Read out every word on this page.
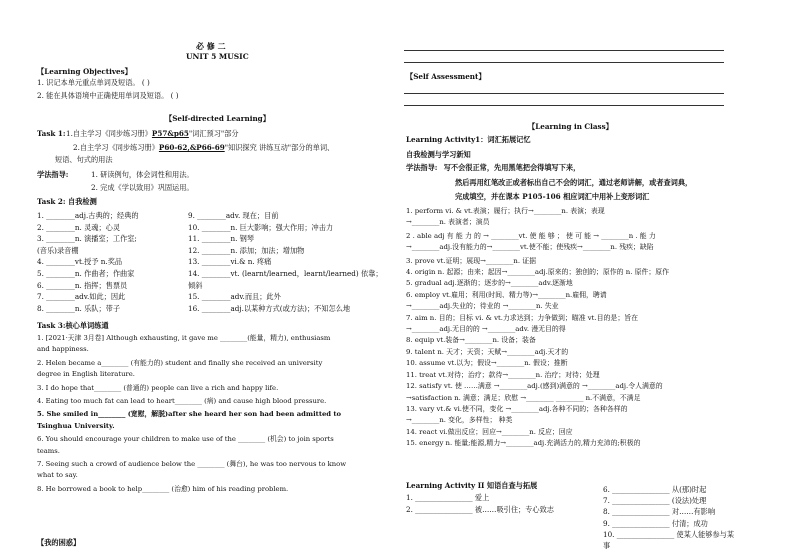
必 修 二
UNIT 5 MUSIC
【Learning Objectives】
1. 识记本单元重点单词及短语。 ( )
2. 能在具体语境中正确使用单词及短语。 ( )
【Self-directed Learning】
Task 1: 1.自主学习《同步练习册》P57&p65"词汇预习"部分
2.自主学习《同步练习册》P60-62,&P66-69"知识探究 讲练互动"部分的单词、
短语、句式的用法
学法指导:	1. 研读例句，体会词性和用法。
2. 完成《学以致用》巩固运用。
Task 2: 自我检测
1. ________adj.古典的；经典的
2. ________n. 灵魂；心灵
3. ________n. 演播室；工作室;
(音乐)录音棚
4. ________vt.授予 n.奖品
5. ________n. 作曲者；作曲家
6. ________n. 指挥；售票员
7. ________adv.如此；因此
8. ________n. 乐队；带子
9. ________adv. 现在；目前
10. ________n. 巨大影响；强大作用；冲击力
11. ________n. 钢琴
12. ________n. 添加；加法；增加物
13. ________vi.& n. 疼痛
14. ________vt. (learnt/learned，learnt/learned) 依靠；
倾斜
15. ________adv.而且；此外
16. ________adj.以某种方式(或方法)；不知怎么地
Task 3:核心单词练通
1. [2021·天津 3月卷] Although exhausting, it gave me ________(能量，精力), enthusiasm
and happiness.
2. Helen became a________ (有能力的) student and finally she received an university
degree in English literature.
3. I do hope that________ (普通的) people can live a rich and happy life.
4. Eating too much fat can lead to heart________ (病) and cause high blood pressure.
5. She smiled in________ (宽慰，解脱)after she heard her son had been admitted to
Tsinghua University.
6. You should encourage your children to make use of the ________ (机会) to join sports
teams.
7. Seeing such a crowd of audience below the ________ (舞台), he was too nervous to know
what to say.
8. He borrowed a book to help________ (治愈) him of his reading problem.
【我的困惑】
【Self Assessment】
【Learning in Class】
Learning Activity1：词汇拓展记忆
自我检测与学习新知
学法指导: 写不会很正常，先用黑笔把会得填写下来，
然后再用红笔改正或者标出自己不会的词汇，通过老师讲解，或者查词典，
完成填空，并在课本 P105-106 相应词汇中用补上变形词汇
1. perform vi. & vt.表演；履行；执行→________n. 表演；表现
→________n. 表演者；演员
2 . able adj 有 能 力 的 → ________vt. 使 能 够 ； 使 可 能 → ________n . 能 力
→________adj.没有能力的→________vt.使不能；使残疾→________n. 残疾；缺陷
3. prove vt.证明；展现→________n. 证据
4. origin n. 起源；由来；起因→________adj.原来的；独创的；原作的 n. 原件；原作
5. gradual adj.逐渐的；逐步的→________adv.逐渐地
6. employ vt.雇用；利用(时间、精力等)→________n.雇佣，聘请
→________adj.失业的；待业的 →________n. 失业
7. aim n. 目的；目标 vi. & vt.力求达到；力争做到；瞄准 vt.目的是；旨在
→________adj.无目的的 →________adv. 漫无目的得
8. equip vt.装备→________n. 设备；装备
9. talent n. 天才；天资；天赋→________adj.天才的
10. assume vt.以为；假设→________n. 假设；推断
11. treat vt.对待；治疗；款待→________n. 治疗；对待；处理
12. satisfy vt. 使 ……满意 →________adj.(感到)满意的 →________adj.令人满意的
→satisfaction n. 满意；满足；欣慰 →________ ________ n.不满意，不满足
13. vary vt.& vi.使不同，变化 →________adj.各种不同的；各种各样的
→________n. 变化，多样性； 种类
14. react vi.做出反应；回应→________n. 反应；回应
15. energy n. 能量;能源,精力→________adj.充满活力的,精力充沛的;积极的
Learning Activity II 知语自查与拓展
1. ________________ 爱上
2. ________________ 被……吸引住；专心致志
6. ________________ 从(那)时起
7. ________________ (设法)处理
8. ________________ 对……有影响
9. ________________ 付清；成功
10. ________________ 使某人能够参与某
事
